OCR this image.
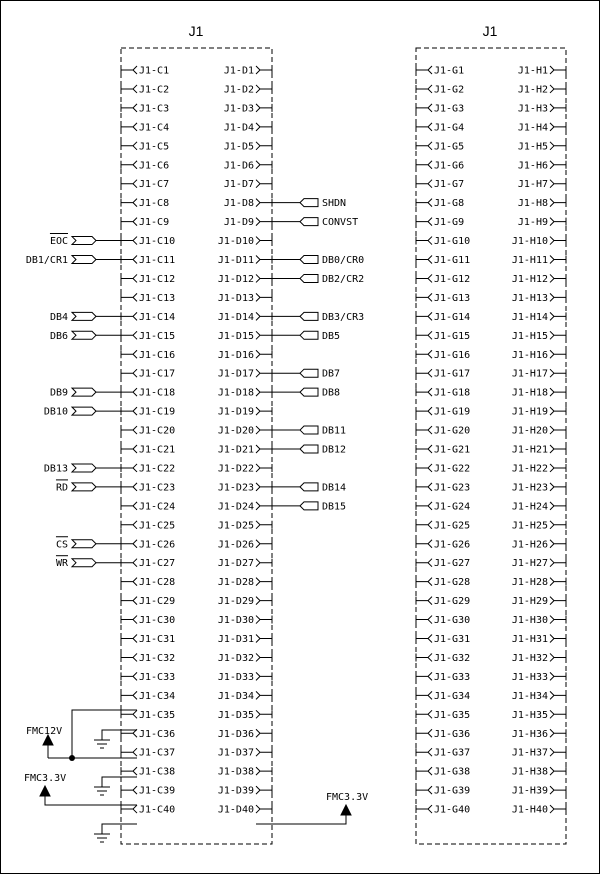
J1
J1-C1	J1-D1
J1-C2	J1-D2
J1-C3	J1-D3
J1-C4	J1-D4
J1-C5	J1-D5
J1-C6	J1-D6
J1-C7	J1-D7
J1-C8	J1-D8
J1-C9	J1-D9
J1-C10	J1-D10
J1-C11	J1-D11
J1-C12	J1-D12
J1-C13	J1-D13
J1-C14	J1-D14
J1-C15	J1-D15
J1-C16	J1-D16
J1-C17	J1-D17
J1-C18	J1-D18
J1-C19	J1-D19
J1-C20	J1-D20
J1-C21	J1-D21
J1-C22	J1-D22
J1-C23	J1-D23
J1-C24	J1-D24
J1-C25	J1-D25
J1-C26	J1-D26
J1-C27	J1-D27
J1-C28	J1-D28
J1-C29	J1-D29
J1-C30	J1-D30
J1-C31	J1-D31
J1-C32	J1-D32
J1-C33	J1-D33
J1-C34	J1-D34
J1-C35	J1-D35
J1-C36	J1-D36
J1-C37	J1-D37
J1-C38	J1-D38
J1-C39	J1-D39
J1-C40	J1-D40
J1
J1-G1	J1-H1
J1-G2	J1-H2
J1-G3	J1-H3
J1-G4	J1-H4
J1-G5	J1-H5
J1-G6	J1-H6
J1-G7	J1-H7
J1-G8	J1-H8
J1-G9	J1-H9
J1-G10	J1-H10
J1-G11	J1-H11
J1-G12	J1-H12
J1-G13	J1-H13
J1-G14	J1-H14
J1-G15	J1-H15
J1-G16	J1-H16
J1-G17	J1-H17
J1-G18	J1-H18
J1-G19	J1-H19
J1-G20	J1-H20
J1-G21	J1-H21
J1-G22	J1-H22
J1-G23	J1-H23
J1-G24	J1-H24
J1-G25	J1-H25
J1-G26	J1-H26
J1-G27	J1-H27
J1-G28	J1-H28
J1-G29	J1-H29
J1-G30	J1-H30
J1-G31	J1-H31
J1-G32	J1-H32
J1-G33	J1-H33
J1-G34	J1-H34
J1-G35	J1-H35
J1-G36	J1-H36
J1-G37	J1-H37
J1-G38	J1-H38
J1-G39	J1-H39
J1-G40	J1-H40
EOC
DB1/CR1
DB4
DB6
DB9
DB10
DB13
RD
CS
WR
SHDN
CONVST
DB0/CR0
DB2/CR2
DB3/CR3
DB5
DB7
DB8
DB11
DB12
DB14
DB15
FMC12V
FMC3.3V
FMC3.3V
